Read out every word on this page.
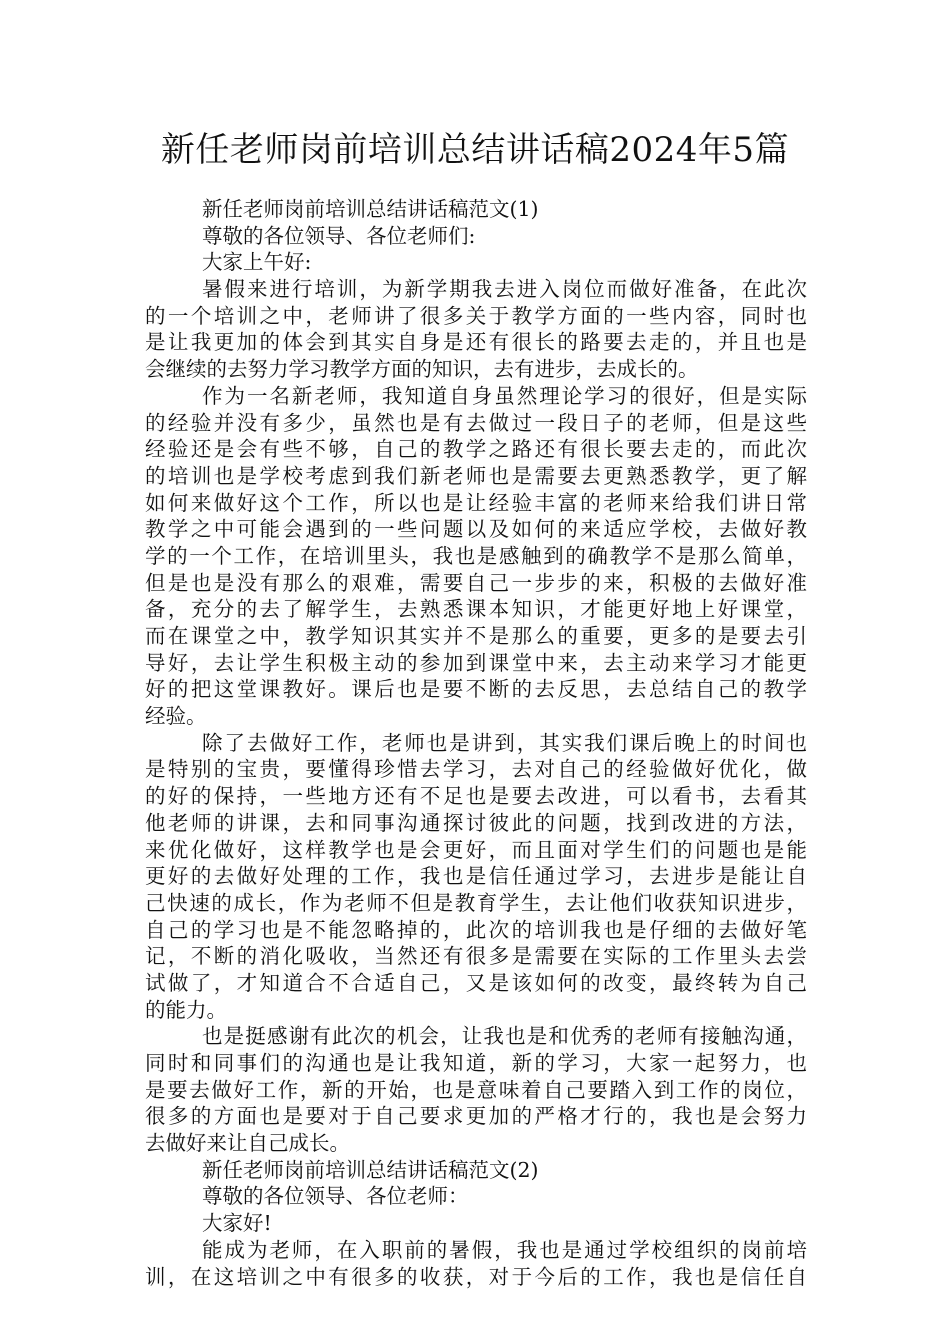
新任老师岗前培训总结讲话稿2024年5篇
新任老师岗前培训总结讲话稿范文(1)
尊敬的各位领导、各位老师们:
大家上午好:
暑假来进行培训，为新学期我去进入岗位而做好准备，在此次
的一个培训之中，老师讲了很多关于教学方面的一些内容，同时也
是让我更加的体会到其实自身是还有很长的路要去走的，并且也是
会继续的去努力学习教学方面的知识，去有进步，去成长的。
作为一名新老师，我知道自身虽然理论学习的很好，但是实际
的经验并没有多少，虽然也是有去做过一段日子的老师，但是这些
经验还是会有些不够，自己的教学之路还有很长要去走的，而此次
的培训也是学校考虑到我们新老师也是需要去更熟悉教学，更了解
如何来做好这个工作，所以也是让经验丰富的老师来给我们讲日常
教学之中可能会遇到的一些问题以及如何的来适应学校，去做好教
学的一个工作，在培训里头，我也是感触到的确教学不是那么简单，
但是也是没有那么的艰难，需要自己一步步的来，积极的去做好准
备，充分的去了解学生，去熟悉课本知识，才能更好地上好课堂，
而在课堂之中，教学知识其实并不是那么的重要，更多的是要去引
导好，去让学生积极主动的参加到课堂中来，去主动来学习才能更
好的把这堂课教好。课后也是要不断的去反思，去总结自己的教学
经验。
除了去做好工作，老师也是讲到，其实我们课后晚上的时间也
是特别的宝贵，要懂得珍惜去学习，去对自己的经验做好优化，做
的好的保持，一些地方还有不足也是要去改进，可以看书，去看其
他老师的讲课，去和同事沟通探讨彼此的问题，找到改进的方法，
来优化做好，这样教学也是会更好，而且面对学生们的问题也是能
更好的去做好处理的工作，我也是信任通过学习，去进步是能让自
己快速的成长，作为老师不但是教育学生，去让他们收获知识进步，
自己的学习也是不能忽略掉的，此次的培训我也是仔细的去做好笔
记，不断的消化吸收，当然还有很多是需要在实际的工作里头去尝
试做了，才知道合不合适自己，又是该如何的改变，最终转为自己
的能力。
也是挺感谢有此次的机会，让我也是和优秀的老师有接触沟通，
同时和同事们的沟通也是让我知道，新的学习，大家一起努力，也
是要去做好工作，新的开始，也是意味着自己要踏入到工作的岗位，
很多的方面也是要对于自己要求更加的严格才行的，我也是会努力
去做好来让自己成长。
新任老师岗前培训总结讲话稿范文(2)
尊敬的各位领导、各位老师：
大家好!
能成为老师，在入职前的暑假，我也是通过学校组织的岗前培
训，在这培训之中有很多的收获，对于今后的工作，我也是信任自
